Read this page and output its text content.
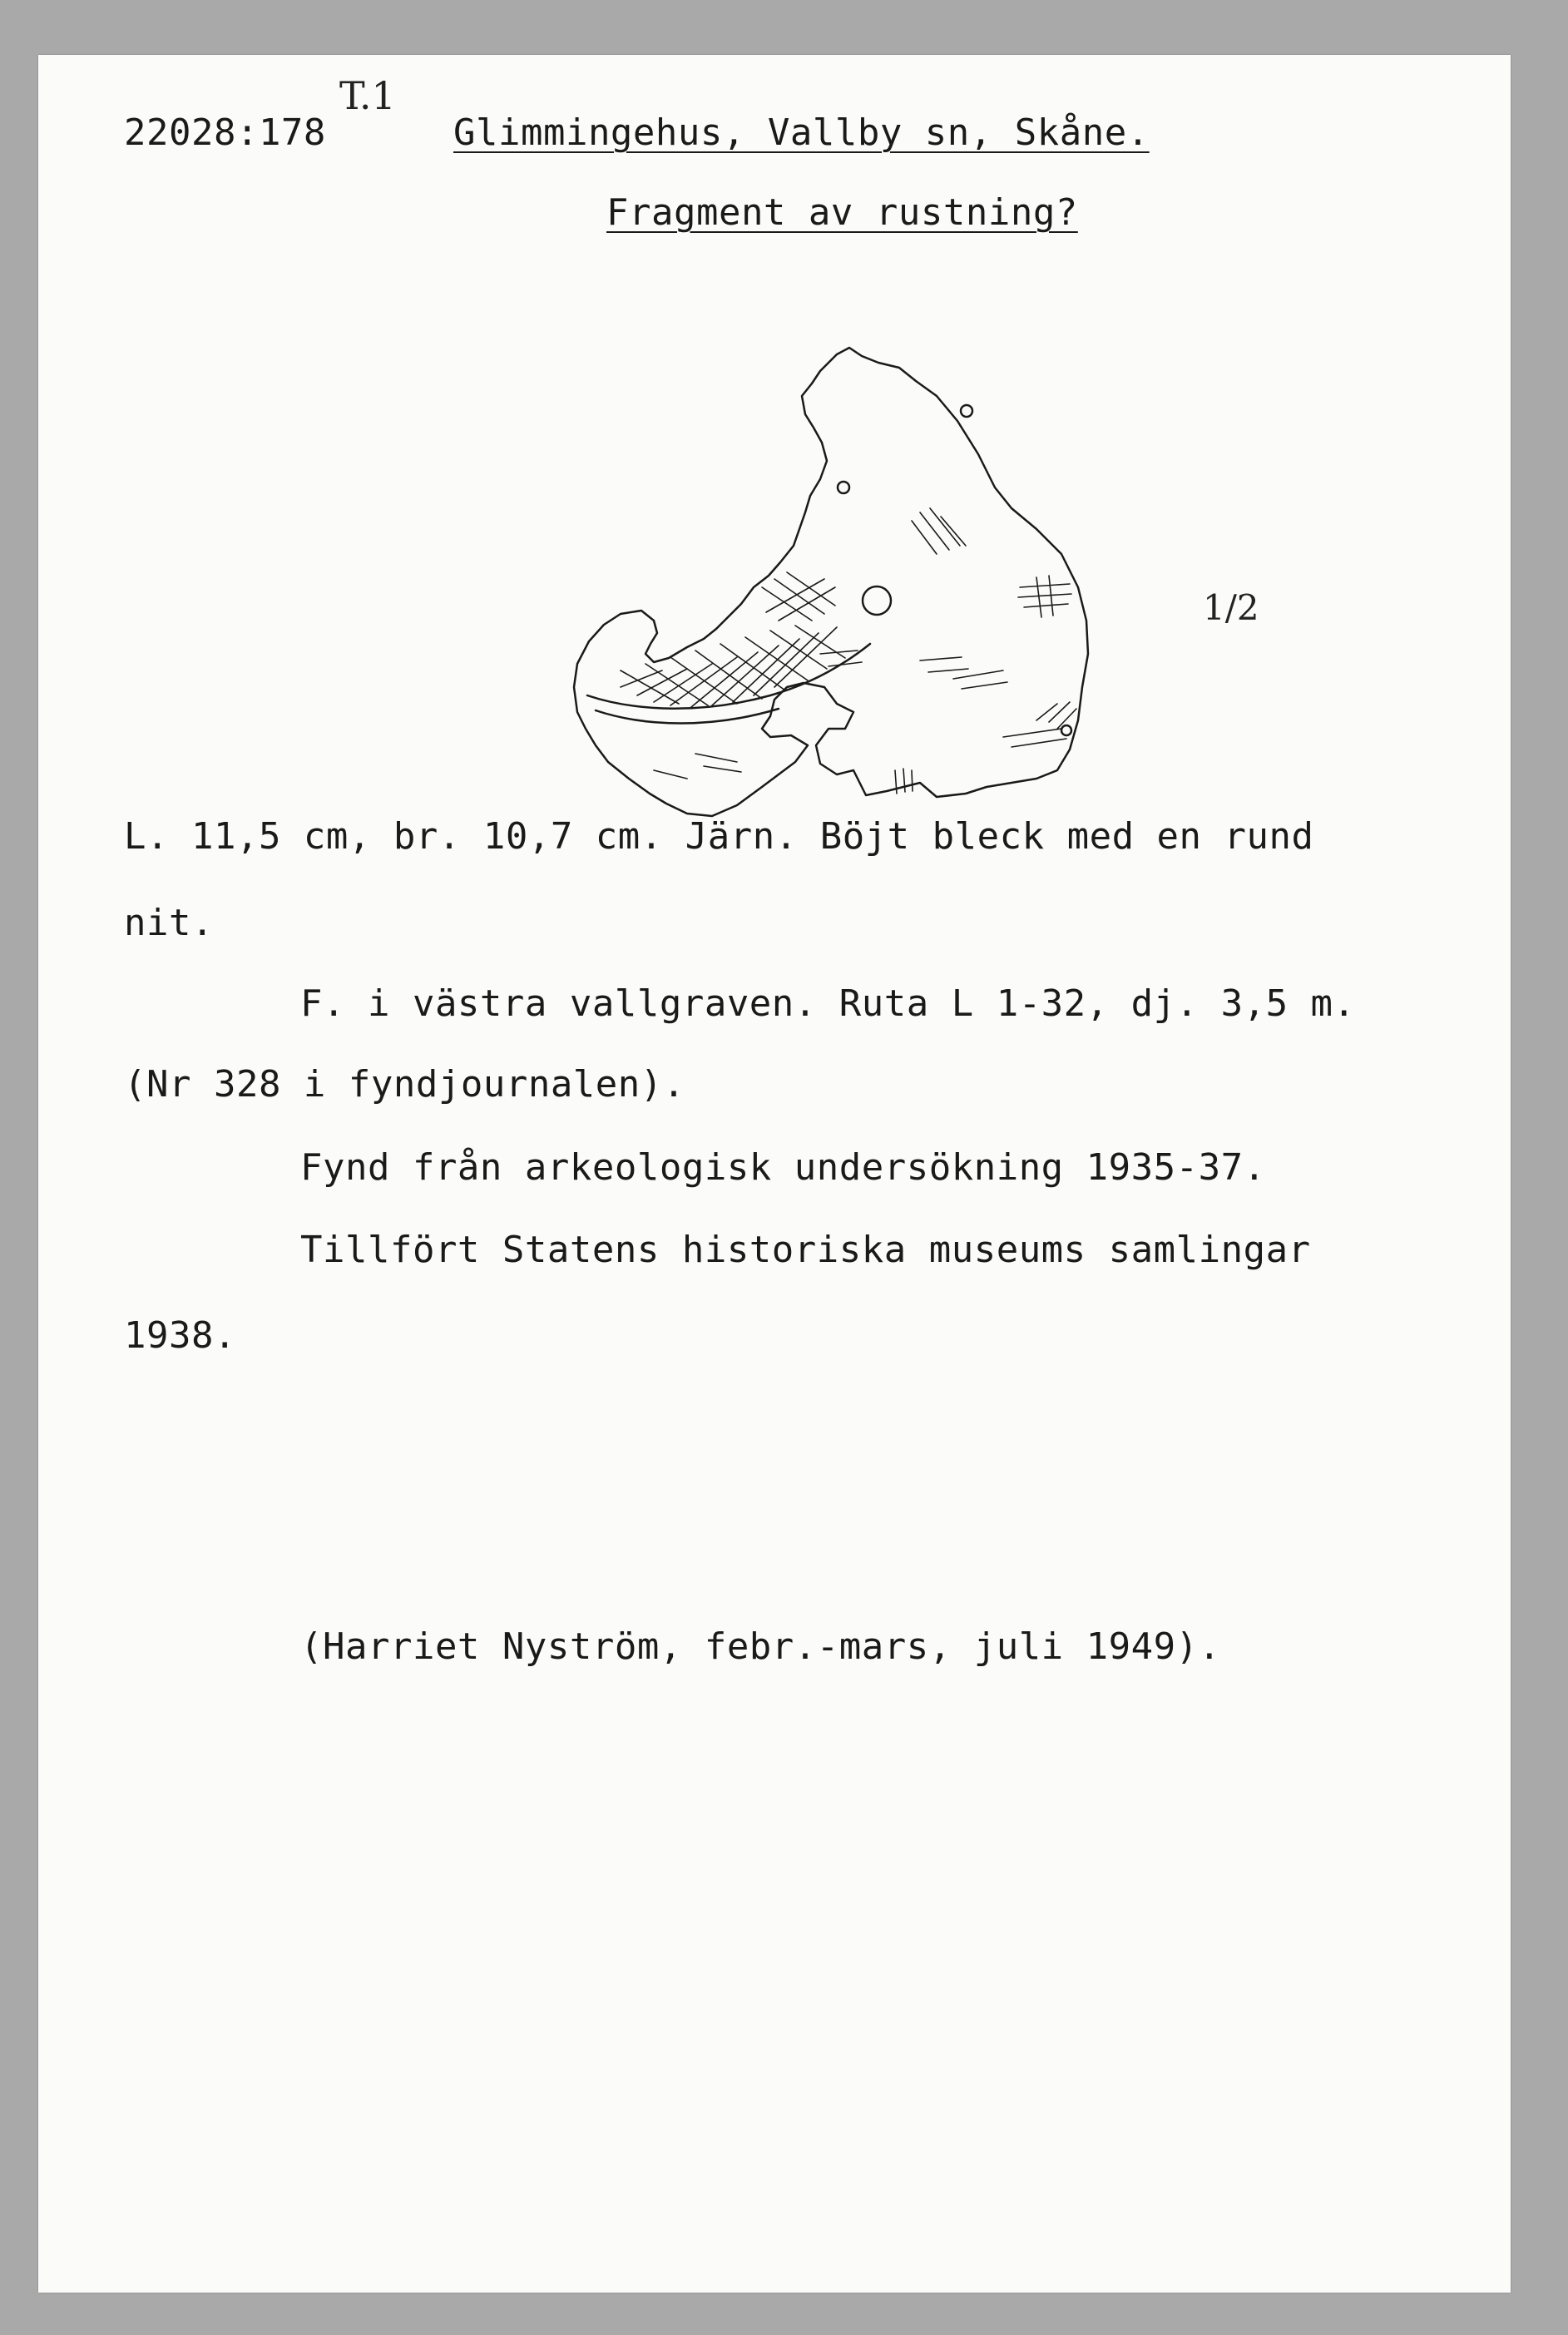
22028:178
T.1
Glimmingehus, Vallby sn, Skåne.
Fragment av rustning?
1/2
L. 11,5 cm, br. 10,7 cm. Järn. Böjt bleck med en rund
nit.
F. i västra vallgraven. Ruta L 1-32, dj. 3,5 m.
(Nr 328 i fyndjournalen).
Fynd från arkeologisk undersökning 1935-37.
Tillfört Statens historiska museums samlingar
1938.
(Harriet Nyström, febr.-mars, juli 1949).
